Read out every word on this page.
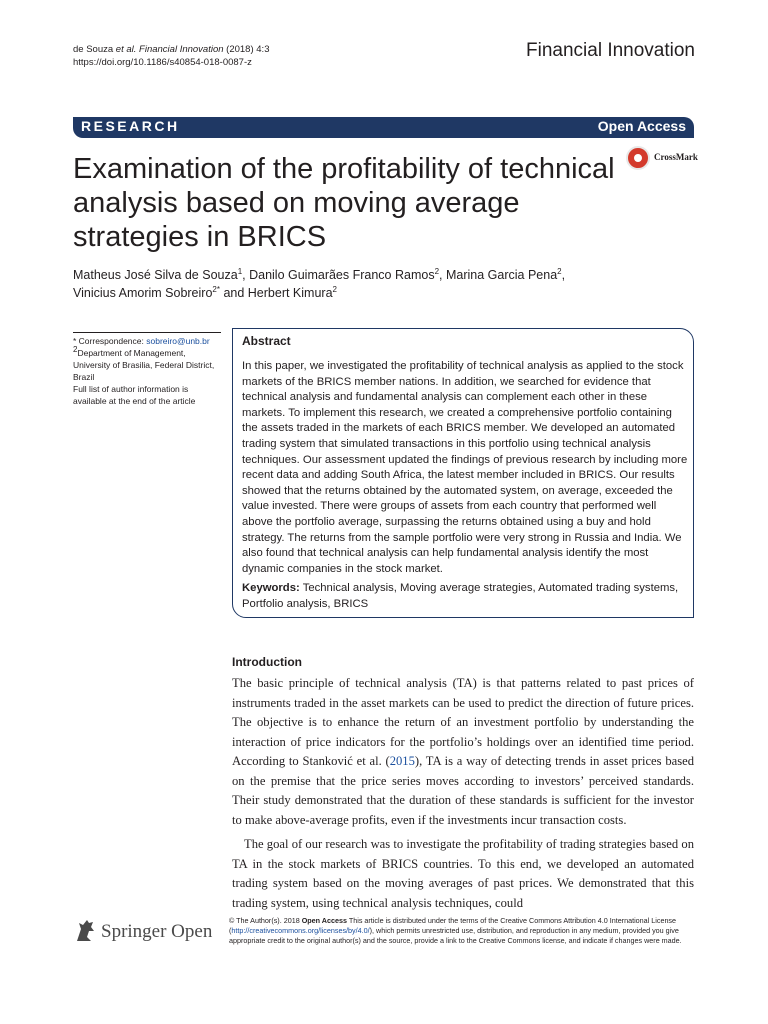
de Souza et al. Financial Innovation (2018) 4:3
https://doi.org/10.1186/s40854-018-0087-z
Financial Innovation
RESEARCH	Open Access
Examination of the profitability of technical analysis based on moving average strategies in BRICS
CrossMark
Matheus José Silva de Souza$^1$, Danilo Guimarães Franco Ramos$^2$, Marina Garcia Pena$^2$,
Vinicius Amorim Sobreiro$^{2*}$ and Herbert Kimura$^2$
* Correspondence: sobreiro@unb.br
$^2$Department of Management, University of Brasilia, Federal District, Brazil
Full list of author information is available at the end of the article
Abstract
In this paper, we investigated the profitability of technical analysis as applied to the stock markets of the BRICS member nations. In addition, we searched for evidence that technical analysis and fundamental analysis can complement each other in these markets. To implement this research, we created a comprehensive portfolio containing the assets traded in the markets of each BRICS member. We developed an automated trading system that simulated transactions in this portfolio using technical analysis techniques. Our assessment updated the findings of previous research by including more recent data and adding South Africa, the latest member included in BRICS. Our results showed that the returns obtained by the automated system, on average, exceeded the value invested. There were groups of assets from each country that performed well above the portfolio average, surpassing the returns obtained using a buy and hold strategy. The returns from the sample portfolio were very strong in Russia and India. We also found that technical analysis can help fundamental analysis identify the most dynamic companies in the stock market.
Keywords: Technical analysis, Moving average strategies, Automated trading systems, Portfolio analysis, BRICS
Introduction
The basic principle of technical analysis (TA) is that patterns related to past prices of instruments traded in the asset markets can be used to predict the direction of future prices. The objective is to enhance the return of an investment portfolio by understanding the interaction of price indicators for the portfolio’s holdings over an identified time period. According to Stanković et al. (2015), TA is a way of detecting trends in asset prices based on the premise that the price series moves according to investors’ perceived standards. Their study demonstrated that the duration of these standards is sufficient for the investor to make above-average profits, even if the investments incur transaction costs.
The goal of our research was to investigate the profitability of trading strategies based on TA in the stock markets of BRICS countries. To this end, we developed an automated trading system based on the moving averages of past prices. We demonstrated that this trading system, using technical analysis techniques, could
Springer Open
© The Author(s). 2018 Open Access This article is distributed under the terms of the Creative Commons Attribution 4.0 International License (http://creativecommons.org/licenses/by/4.0/), which permits unrestricted use, distribution, and reproduction in any medium, provided you give appropriate credit to the original author(s) and the source, provide a link to the Creative Commons license, and indicate if changes were made.
